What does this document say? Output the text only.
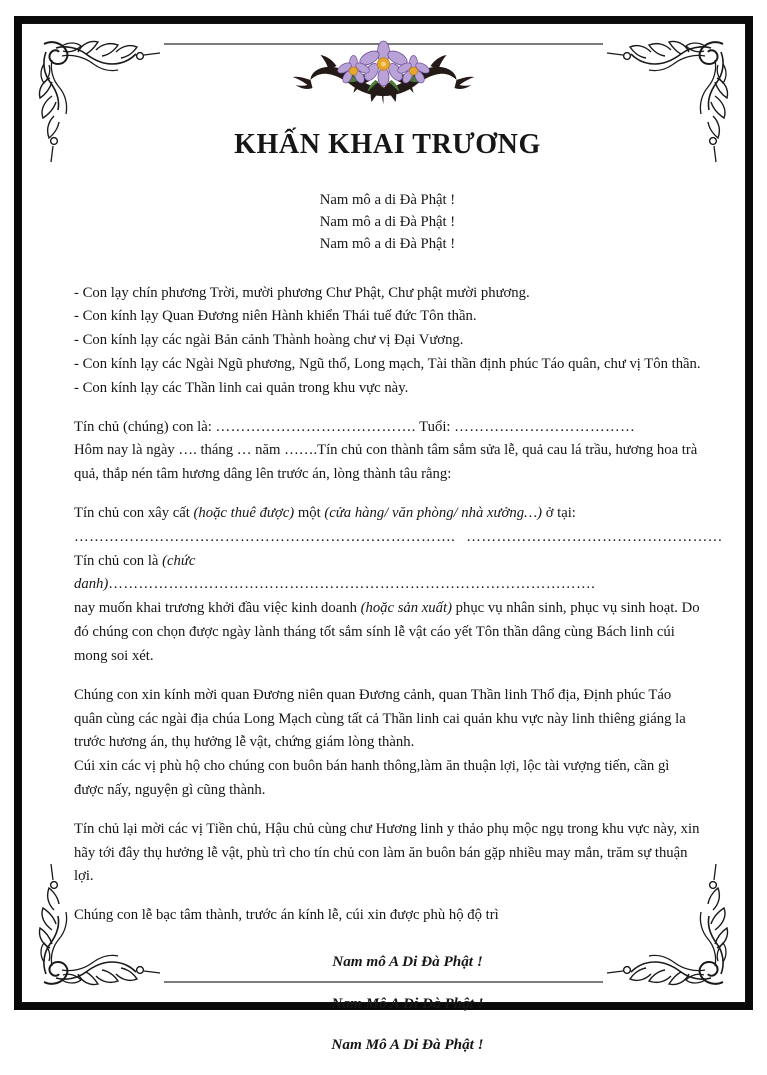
KHẤN KHAI TRƯƠNG
Nam mô a di Đà Phật !
Nam mô a di Đà Phật !
Nam mô a di Đà Phật !

- Con lạy chín phương Trời, mười phương Chư Phật, Chư phật mười phương.

- Con kính lạy Quan Đương niên Hành khiển Thái tuế đức Tôn thần.

- Con kính lạy các ngài Bản cảnh Thành hoàng chư vị Đại Vương.

- Con kính lạy các Ngài Ngũ phương, Ngũ thổ, Long mạch, Tài thần định phúc Táo quân, chư vị Tôn thần.

- Con kính lạy các Thần linh cai quản trong khu vực này.

Tín chủ (chúng) con là: …………………………………. Tuổi: ………………………………

Hôm nay là ngày …. tháng … năm …….Tín chủ con thành tâm sắm sửa lễ, quả cau lá trầu, hương hoa trà quả, thắp nén tâm hương dâng lên trước án, lòng thành tâu rằng:

Tín chủ con xây cất (hoặc thuê được) một (cửa hàng/ văn phòng/ nhà xưởng…) ở tại:

…………………………………………………………………. ……………………………………………

Tín chủ con là (chức danh)…………………………………………………………………………………….

nay muốn khai trương khởi đầu việc kinh doanh (hoặc sản xuất) phục vụ nhân sinh, phục vụ sinh hoạt. Do đó chúng con chọn được ngày lành tháng tốt sắm sính lễ vật cáo yết Tôn thần dâng cùng Bách linh cúi mong soi xét.

Chúng con xin kính mời quan Đương niên quan Đương cảnh, quan Thần linh Thổ địa, Định phúc Táo quân cùng các ngài địa chúa Long Mạch cùng tất cả Thần linh cai quản khu vực này linh thiêng giáng la trước hương án, thụ hưởng lễ vật, chứng giám lòng thành.

Cúi xin các vị phù hộ cho chúng con buôn bán hanh thông,làm ăn thuận lợi, lộc tài vượng tiến, cần gì được nấy, nguyện gì cũng thành.

Tín chủ lại mời các vị Tiền chủ, Hậu chủ cùng chư Hương linh y thảo phụ mộc ngụ trong khu vực này, xin hãy tới đây thụ hưởng lễ vật, phù trì cho tín chủ con làm ăn buôn bán gặp nhiều may mắn, trăm sự thuận lợi.

Chúng con lễ bạc tâm thành, trước án kính lễ, cúi xin được phù hộ độ trì

Nam mô A Di Đà Phật !
Nam Mô A Di Đà Phật !
Nam Mô A Di Đà Phật !
